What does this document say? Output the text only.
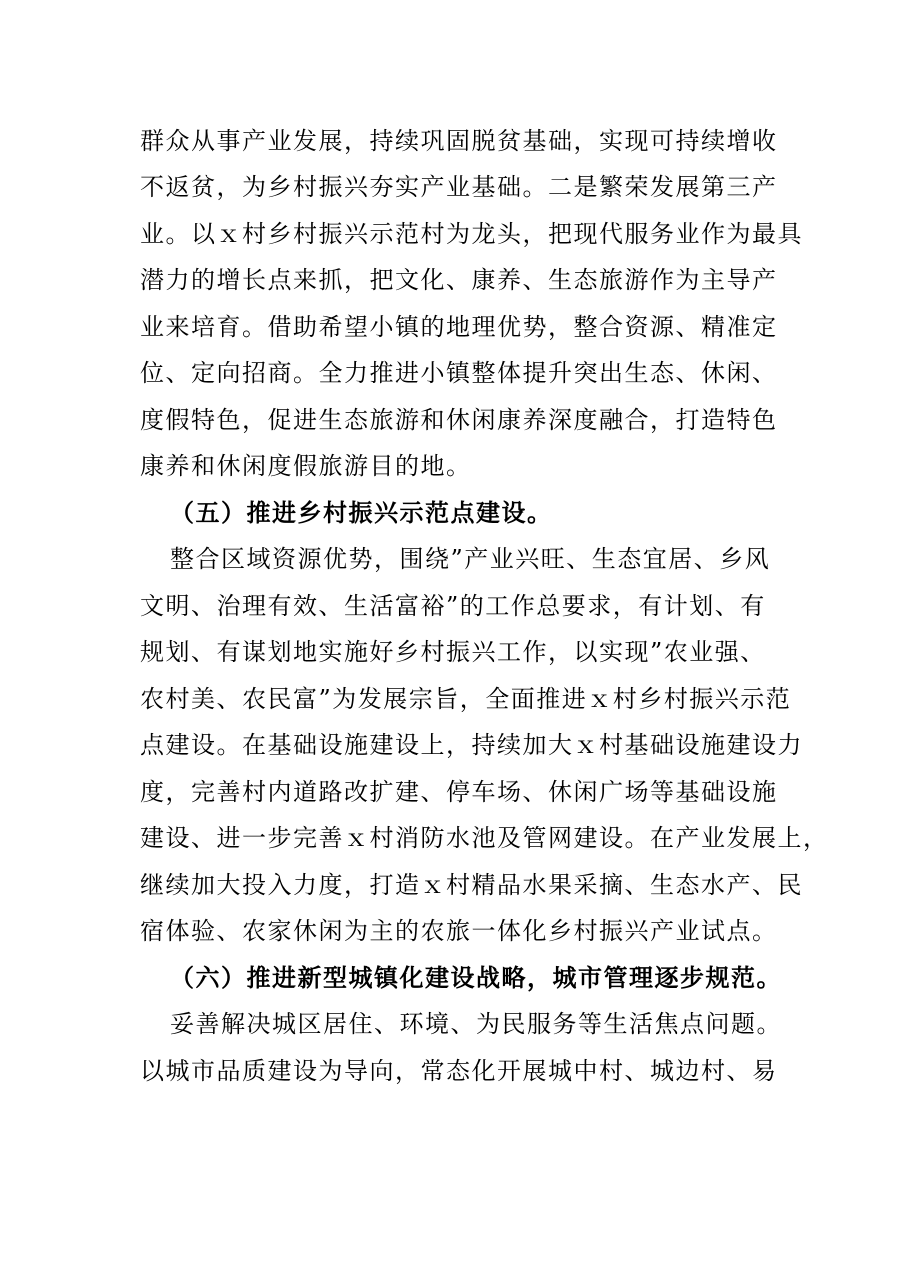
群众从事产业发展，持续巩固脱贫基础，实现可持续增收
不返贫，为乡村振兴夯实产业基础。二是繁荣发展第三产
业。以ｘ村乡村振兴示范村为龙头，把现代服务业作为最具
潜力的增长点来抓，把文化、康养、生态旅游作为主导产
业来培育。借助希望小镇的地理优势，整合资源、精准定
位、定向招商。全力推进小镇整体提升突出生态、休闲、
度假特色，促进生态旅游和休闲康养深度融合，打造特色
康养和休闲度假旅游目的地。
（五）推进乡村振兴示范点建设。
整合区域资源优势，围绕”产业兴旺、生态宜居、乡风
文明、治理有效、生活富裕”的工作总要求，有计划、有
规划、有谋划地实施好乡村振兴工作，以实现”农业强、
农村美、农民富”为发展宗旨，全面推进ｘ村乡村振兴示范
点建设。在基础设施建设上，持续加大ｘ村基础设施建设力
度，完善村内道路改扩建、停车场、休闲广场等基础设施
建设、进一步完善ｘ村消防水池及管网建设。在产业发展上，
继续加大投入力度，打造ｘ村精品水果采摘、生态水产、民
宿体验、农家休闲为主的农旅一体化乡村振兴产业试点。
（六）推进新型城镇化建设战略，城市管理逐步规范。
妥善解决城区居住、环境、为民服务等生活焦点问题。
以城市品质建设为导向，常态化开展城中村、城边村、易
